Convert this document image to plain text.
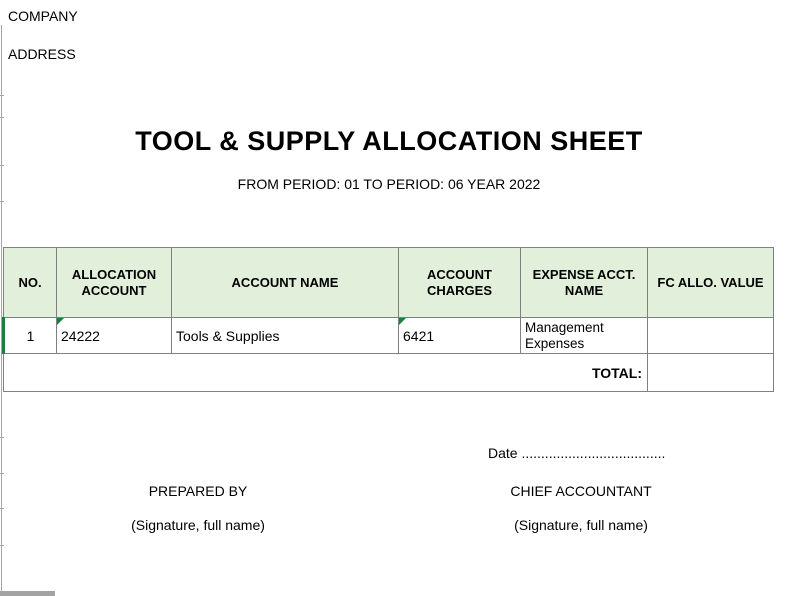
COMPANY
ADDRESS
TOOL & SUPPLY ALLOCATION SHEET
FROM PERIOD: 01 TO PERIOD: 06 YEAR 2022
NO.	ALLOCATION ACCOUNT	ACCOUNT NAME	ACCOUNT CHARGES	EXPENSE ACCT. NAME	FC ALLO. VALUE
1	24222	Tools & Supplies	6421	Management Expenses	
TOTAL:					
Date .....................................
PREPARED BY	CHIEF ACCOUNTANT
(Signature, full name)	(Signature, full name)
